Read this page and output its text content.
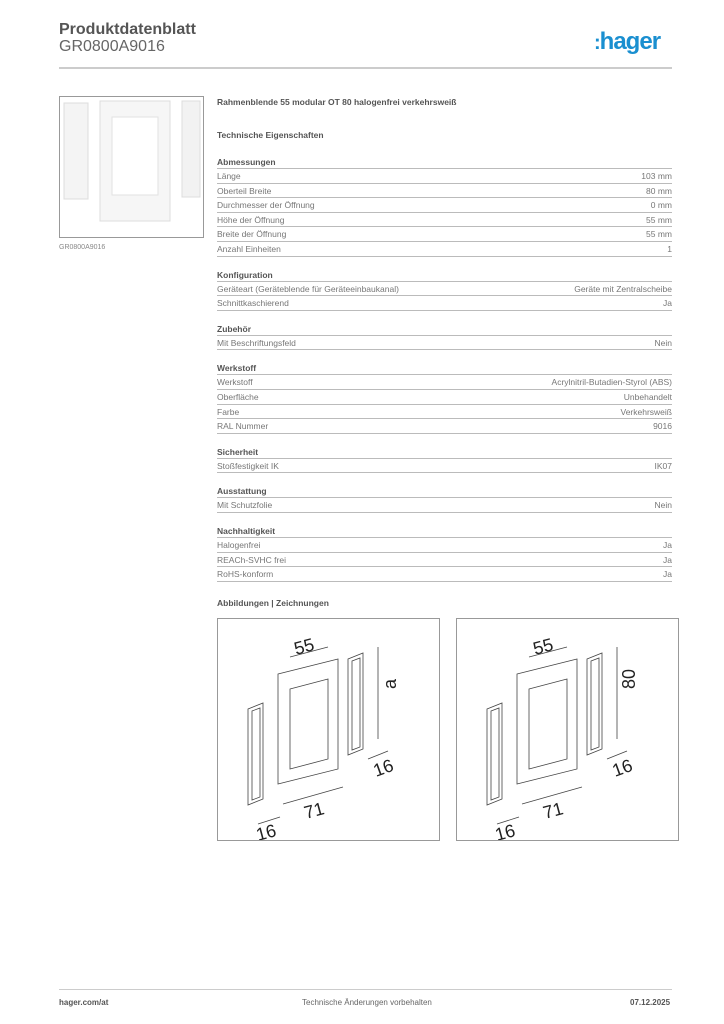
Produktdatenblatt
GR0800A9016	:hager
GR0800A9016
Rahmenblende 55 modular OT 80 halogenfrei verkehrsweiß
Technische Eigenschaften
Abmessungen
Länge	103 mm
Oberteil Breite	80 mm
Durchmesser der Öffnung	0 mm
Höhe der Öffnung	55 mm
Breite der Öffnung	55 mm
Anzahl Einheiten	1
Konfiguration
Geräteart (Geräteblende für Geräteeinbaukanal)	Geräte mit Zentralscheibe
Schnittkaschierend	Ja
Zubehör
Mit Beschriftungsfeld	Nein
Werkstoff
Werkstoff	Acrylnitril-Butadien-Styrol (ABS)
Oberfläche	Unbehandelt
Farbe	Verkehrsweiß
RAL Nummer	9016
Sicherheit
Stoßfestigkeit IK	IK07
Ausstattung
Mit Schutzfolie	Nein
Nachhaltigkeit
Halogenfrei	Ja
REACh-SVHC frei	Ja
RoHS-konform	Ja
Abbildungen | Zeichnungen
55
a
16
71
16
55
80
16
71
16
hager.com/at	Technische Änderungen vorbehalten	07.12.2025
